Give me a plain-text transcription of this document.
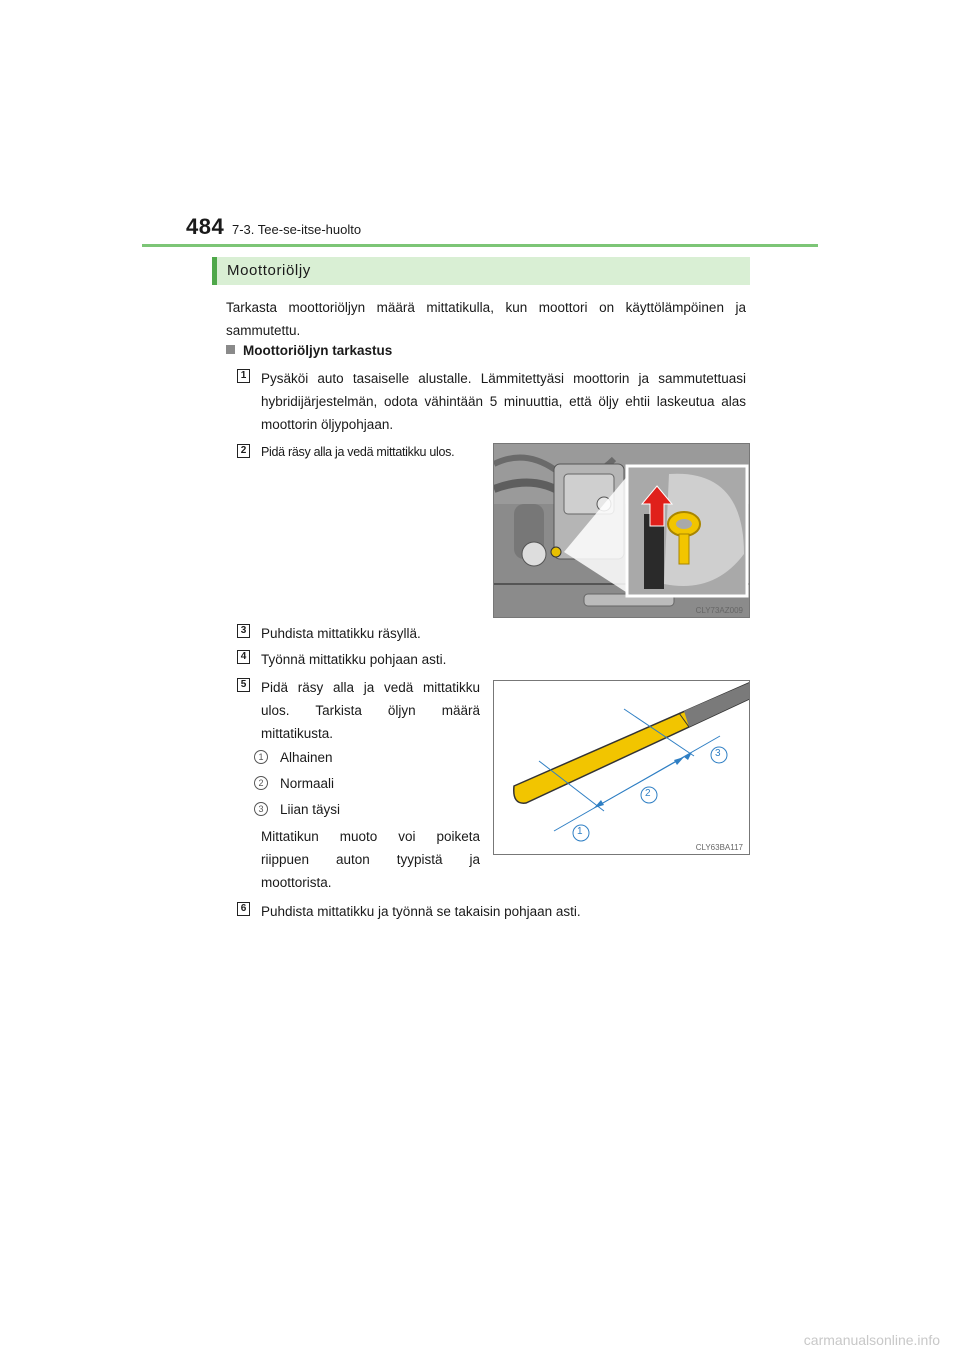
484 7-3. Tee-se-itse-huolto
Moottoriöljy
Tarkasta moottoriöljyn määrä mittatikulla, kun moottori on käyttölämpöinen ja sammutettu.
Moottoriöljyn tarkastus
1 Pysäköi auto tasaiselle alustalle. Lämmitettyäsi moottorin ja sammutettuasi hybridijärjestelmän, odota vähintään 5 minuuttia, että öljy ehtii laskeutua alas moottorin öljypohjaan.
2 Pidä räsy alla ja vedä mittatikku ulos.
CLY73AZ009
3 Puhdista mittatikku räsyllä.
4 Työnnä mittatikku pohjaan asti.
5 Pidä räsy alla ja vedä mittatikku ulos. Tarkista öljyn määrä mittatikusta.
1	Alhainen
2	Normaali
3	Liian täysi
Mittatikun muoto voi poiketa riippuen auton tyypistä ja moottorista.
1
2
3
CLY63BA117
6 Puhdista mittatikku ja työnnä se takaisin pohjaan asti.
carmanualsonline.info
